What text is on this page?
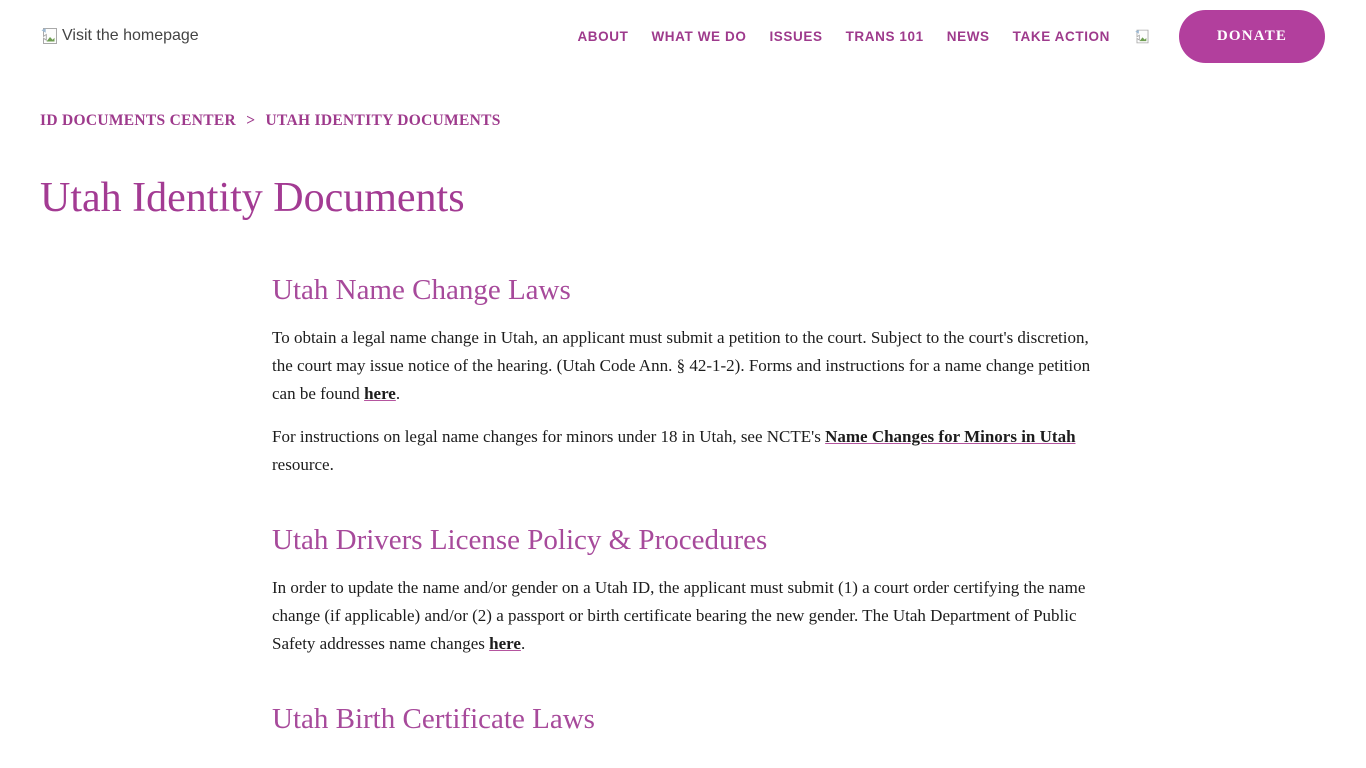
Visit the homepage	ABOUT WHAT WE DO ISSUES TRANS 101 NEWS TAKE ACTION	DONATE
ID DOCUMENTS CENTER > UTAH IDENTITY DOCUMENTS
Utah Identity Documents
Utah Name Change Laws

To obtain a legal name change in Utah, an applicant must submit a petition to the court. Subject to the court's discretion, the court may issue notice of the hearing. (Utah Code Ann. § 42-1-2). Forms and instructions for a name change petition can be found here.

For instructions on legal name changes for minors under 18 in Utah, see NCTE's Name Changes for Minors in Utah resource.

Utah Drivers License Policy & Procedures

In order to update the name and/or gender on a Utah ID, the applicant must submit (1) a court order certifying the name change (if applicable) and/or (2) a passport or birth certificate bearing the new gender. The Utah Department of Public Safety addresses name changes here.

Utah Birth Certificate Laws
